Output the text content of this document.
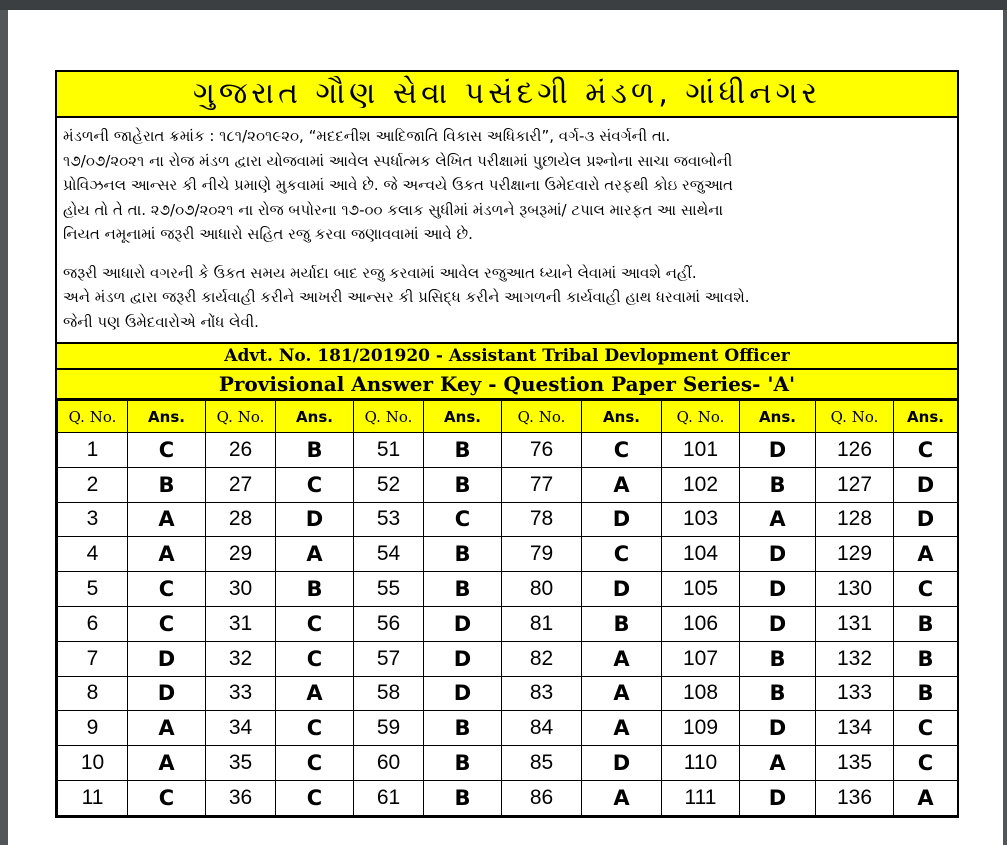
ગુજરાત ગૌણ સેવા પસંદગી મંડળ, ગાંધીનગર

મંડળની જાહેરાત ક્રમાંક : ૧૮૧/૨૦૧૯૨૦, “મદદનીશ આદિજાતિ વિકાસ અધિકારી”, વર્ગ-૩ સંવર્ગની તા.

૧૭/૦૭/૨૦૨૧ ના રોજ મંડળ દ્વારા યોજવામાં આવેલ સ્પર્ધાત્મક લેખિત પરીક્ષામાં પુછાયેલ પ્રશ્નોના સાચા જવાબોની

પ્રોવિઝનલ આન્સર કી નીચે પ્રમાણે મુકવામાં આવે છે. જે અન્વયે ઉકત પરીક્ષાના ઉમેદવારો તરફથી કોઇ રજુઆત

હોય તો તે તા. ૨૭/૦૭/૨૦૨૧ ના રોજ બપોરના ૧૭-૦૦ કલાક સુધીમાં મંડળને રૂબરૂમાં/ ટપાલ મારફત આ સાથેના

નિયત નમૂનામાં જરૂરી આધારો સહિત રજુ કરવા જણાવવામાં આવે છે.

જરૂરી આધારો વગરની કે ઉકત સમય મર્યાદા બાદ રજુ કરવામાં આવેલ રજુઆત ધ્યાને લેવામાં આવશે નહીં.

અને મંડળ દ્વારા જરૂરી કાર્યવાહી કરીને આખરી આન્સર કી પ્રસિદ્ધ કરીને આગળની કાર્યવાહી હાથ ધરવામાં આવશે.

જેની પણ ઉમેદવારોએ નોંધ લેવી.

Advt. No. 181/201920 - Assistant Tribal Devlopment Officer
Provisional Answer Key - Question Paper Series- 'A'
Q. No.	Ans.	Q. No.	Ans.	Q. No.	Ans.	Q. No.	Ans.	Q. No.	Ans.	Q. No.	Ans.
1	C	26	B	51	B	76	C	101	D	126	C
2	B	27	C	52	B	77	A	102	B	127	D
3	A	28	D	53	C	78	D	103	A	128	D
4	A	29	A	54	B	79	C	104	D	129	A
5	C	30	B	55	B	80	D	105	D	130	C
6	C	31	C	56	D	81	B	106	D	131	B
7	D	32	C	57	D	82	A	107	B	132	B
8	D	33	A	58	D	83	A	108	B	133	B
9	A	34	C	59	B	84	A	109	D	134	C
10	A	35	C	60	B	85	D	110	A	135	C
11	C	36	C	61	B	86	A	111	D	136	A
